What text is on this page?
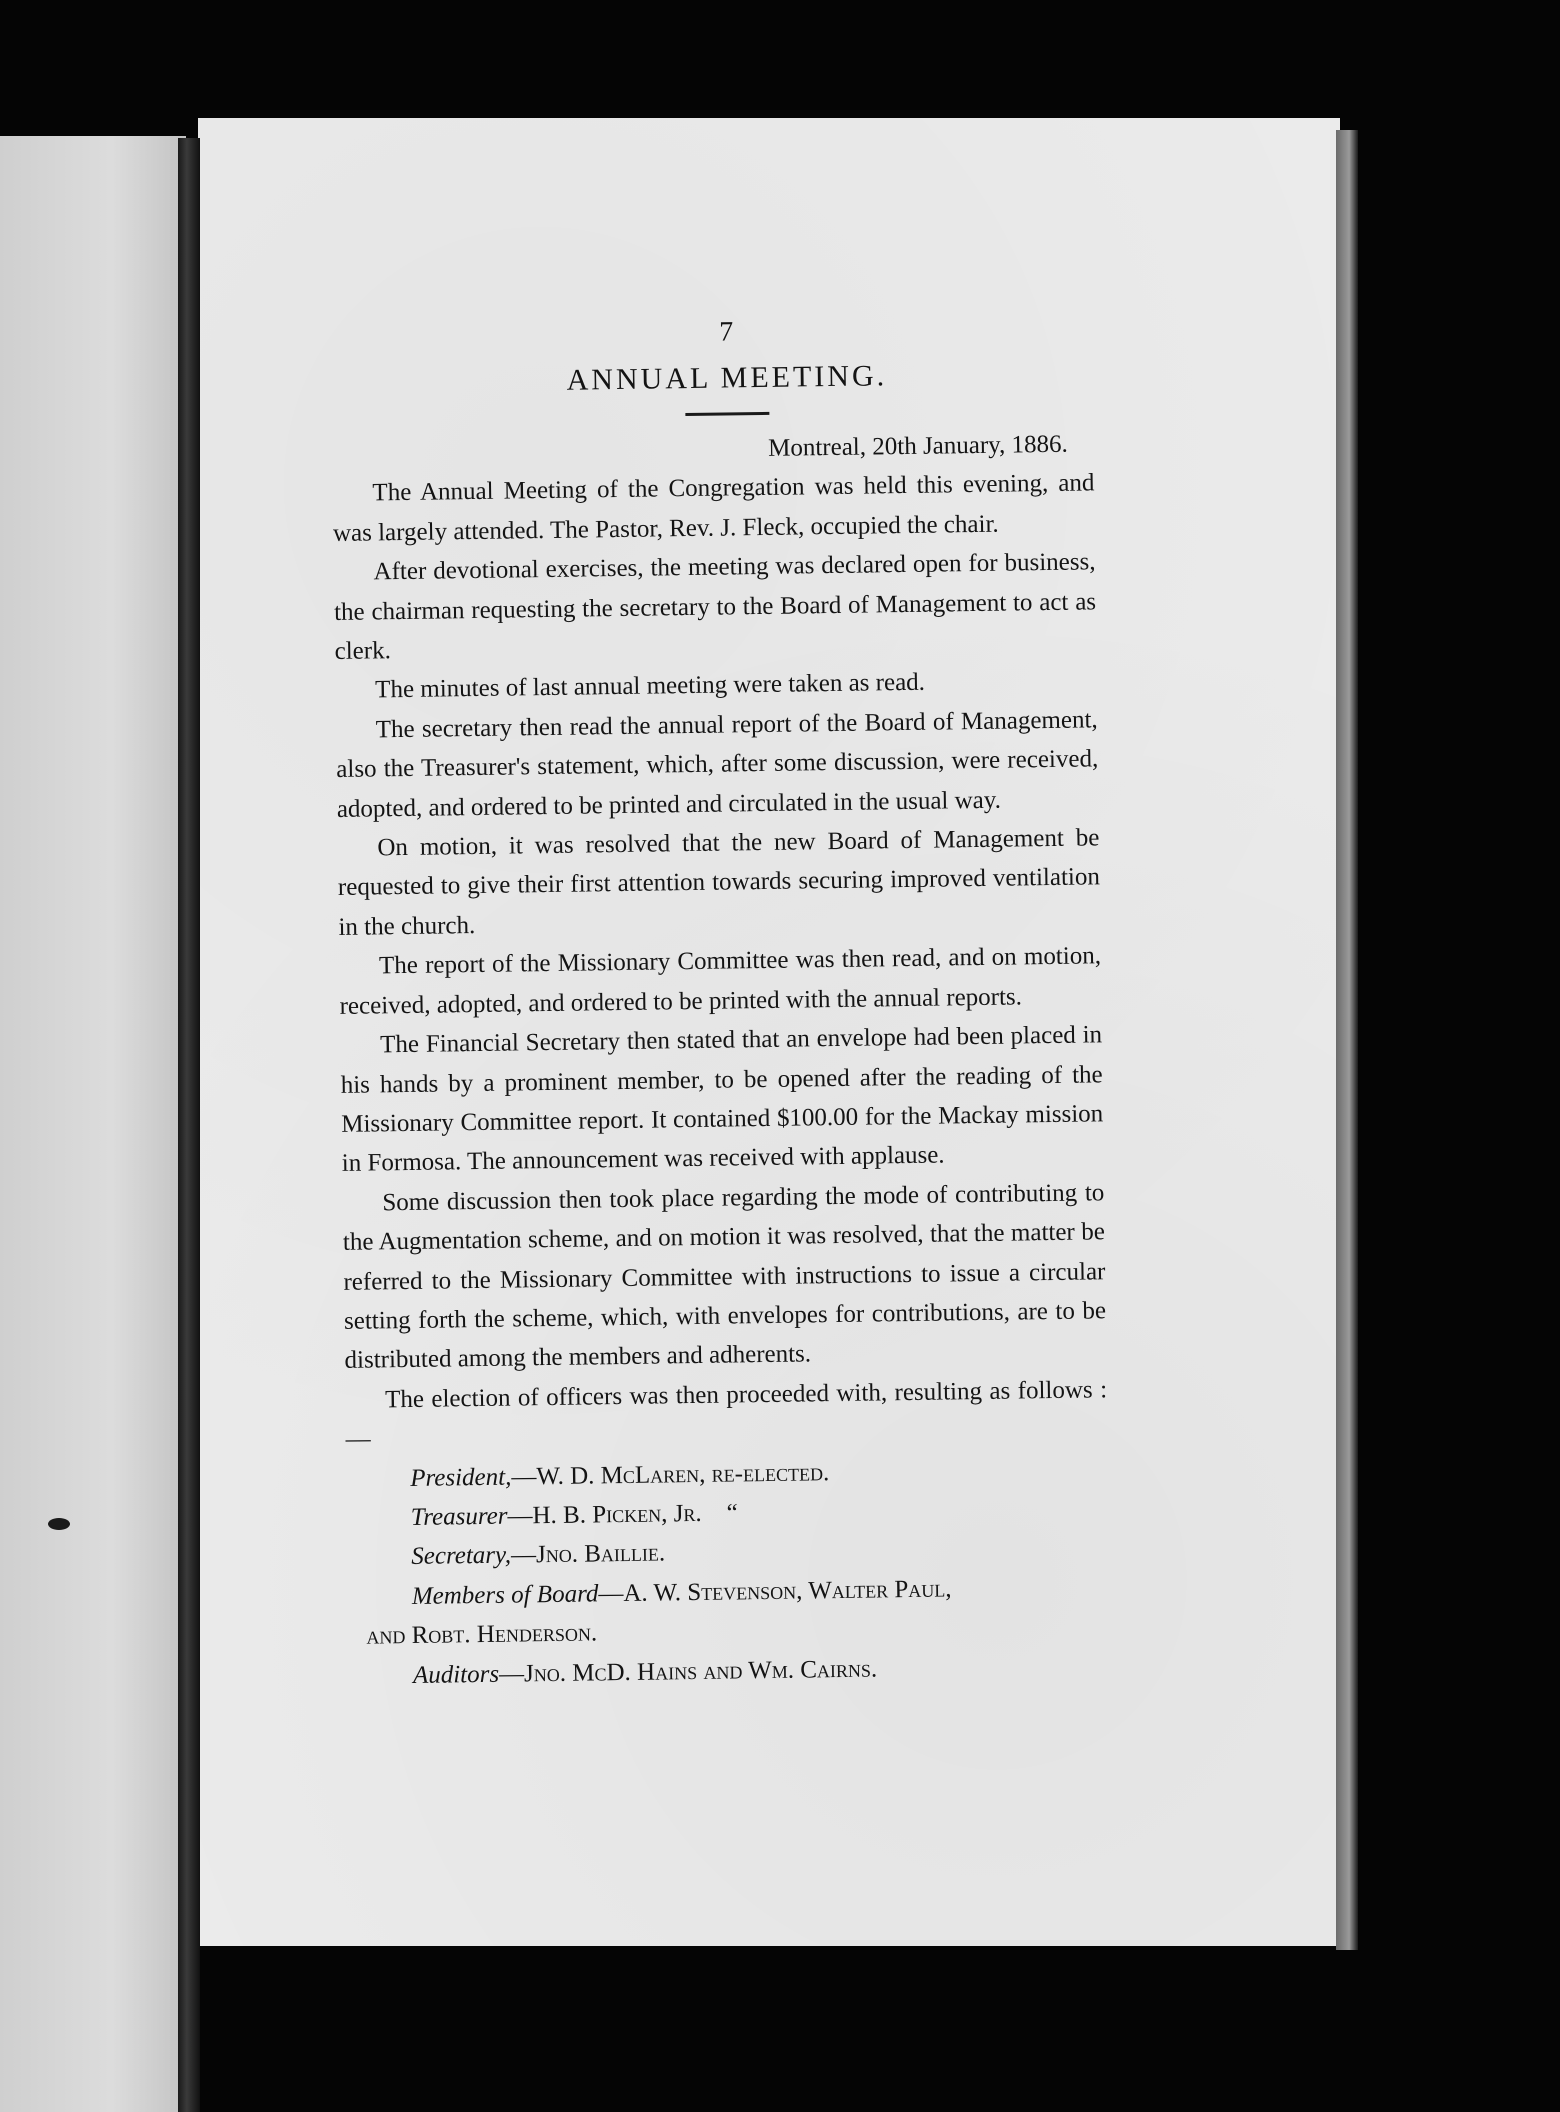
7
ANNUAL MEETING.

Montreal, 20th January, 1886.

The Annual Meeting of the Congregation was held this evening, and was largely attended. The Pastor, Rev. J. Fleck, occupied the chair.

After devotional exercises, the meeting was declared open for business, the chairman requesting the secretary to the Board of Management to act as clerk.

The minutes of last annual meeting were taken as read.

The secretary then read the annual report of the Board of Management, also the Treasurer's statement, which, after some discussion, were received, adopted, and ordered to be printed and circulated in the usual way.

On motion, it was resolved that the new Board of Management be requested to give their first attention towards securing improved ventilation in the church.

The report of the Missionary Committee was then read, and on motion, received, adopted, and ordered to be printed with the annual reports.

The Financial Secretary then stated that an envelope had been placed in his hands by a prominent member, to be opened after the reading of the Missionary Committee report. It contained $100.00 for the Mackay mission in Formosa. The announcement was received with applause.

Some discussion then took place regarding the mode of contributing to the Augmentation scheme, and on motion it was resolved, that the matter be referred to the Missionary Committee with instructions to issue a circular setting forth the scheme, which, with envelopes for contributions, are to be distributed among the members and adherents.

The election of officers was then proceeded with, resulting as follows :—

President,—W. D. McLaren, re-elected.

Treasurer—H. B. Picken, Jr.    “

Secretary,—Jno. Baillie.

Members of Board—A. W. Stevenson, Walter Paul,

and Robt. Henderson.

Auditors—Jno. McD. Hains and Wm. Cairns.
